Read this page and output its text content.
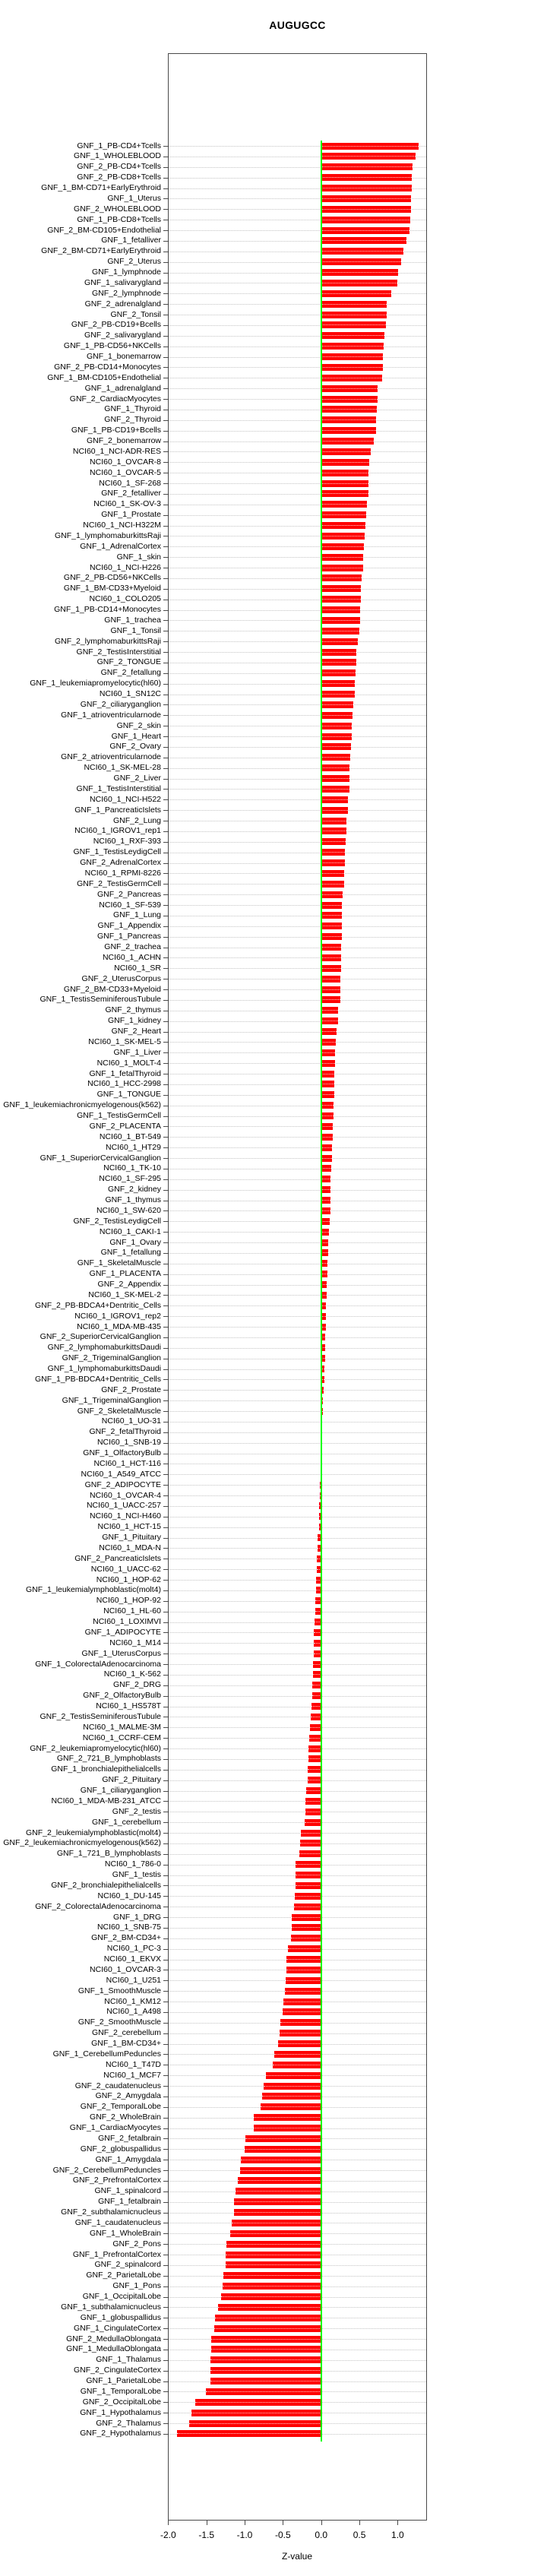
AUGUGCC
GNF_1_PB-CD4+Tcells
GNF_1_WHOLEBLOOD
GNF_2_PB-CD4+Tcells
GNF_2_PB-CD8+Tcells
GNF_1_BM-CD71+EarlyErythroid
GNF_1_Uterus
GNF_2_WHOLEBLOOD
GNF_1_PB-CD8+Tcells
GNF_2_BM-CD105+Endothelial
GNF_1_fetalliver
GNF_2_BM-CD71+EarlyErythroid
GNF_2_Uterus
GNF_1_lymphnode
GNF_1_salivarygland
GNF_2_lymphnode
GNF_2_adrenalgland
GNF_2_Tonsil
GNF_2_PB-CD19+Bcells
GNF_2_salivarygland
GNF_1_PB-CD56+NKCells
GNF_1_bonemarrow
GNF_2_PB-CD14+Monocytes
GNF_1_BM-CD105+Endothelial
GNF_1_adrenalgland
GNF_2_CardiacMyocytes
GNF_1_Thyroid
GNF_2_Thyroid
GNF_1_PB-CD19+Bcells
GNF_2_bonemarrow
NCI60_1_NCI-ADR-RES
NCI60_1_OVCAR-8
NCI60_1_OVCAR-5
NCI60_1_SF-268
GNF_2_fetalliver
NCI60_1_SK-OV-3
GNF_1_Prostate
NCI60_1_NCI-H322M
GNF_1_lymphomaburkittsRaji
GNF_1_AdrenalCortex
GNF_1_skin
NCI60_1_NCI-H226
GNF_2_PB-CD56+NKCells
GNF_1_BM-CD33+Myeloid
NCI60_1_COLO205
GNF_1_PB-CD14+Monocytes
GNF_1_trachea
GNF_1_Tonsil
GNF_2_lymphomaburkittsRaji
GNF_2_TestisInterstitial
GNF_2_TONGUE
GNF_2_fetallung
GNF_1_leukemiapromyelocytic(hl60)
NCI60_1_SN12C
GNF_2_ciliaryganglion
GNF_1_atrioventricularnode
GNF_2_skin
GNF_1_Heart
GNF_2_Ovary
GNF_2_atrioventricularnode
NCI60_1_SK-MEL-28
GNF_2_Liver
GNF_1_TestisInterstitial
NCI60_1_NCI-H522
GNF_1_PancreaticIslets
GNF_2_Lung
NCI60_1_IGROV1_rep1
NCI60_1_RXF-393
GNF_1_TestisLeydigCell
GNF_2_AdrenalCortex
NCI60_1_RPMI-8226
GNF_2_TestisGermCell
GNF_2_Pancreas
NCI60_1_SF-539
GNF_1_Lung
GNF_1_Appendix
GNF_1_Pancreas
GNF_2_trachea
NCI60_1_ACHN
NCI60_1_SR
GNF_2_UterusCorpus
GNF_2_BM-CD33+Myeloid
GNF_1_TestisSeminiferousTubule
GNF_2_thymus
GNF_1_kidney
GNF_2_Heart
NCI60_1_SK-MEL-5
GNF_1_Liver
NCI60_1_MOLT-4
GNF_1_fetalThyroid
NCI60_1_HCC-2998
GNF_1_TONGUE
GNF_1_leukemiachronicmyelogenous(k562)
GNF_1_TestisGermCell
GNF_2_PLACENTA
NCI60_1_BT-549
NCI60_1_HT29
GNF_1_SuperiorCervicalGanglion
NCI60_1_TK-10
NCI60_1_SF-295
GNF_2_kidney
GNF_1_thymus
NCI60_1_SW-620
GNF_2_TestisLeydigCell
NCI60_1_CAKI-1
GNF_1_Ovary
GNF_1_fetallung
GNF_1_SkeletalMuscle
GNF_1_PLACENTA
GNF_2_Appendix
NCI60_1_SK-MEL-2
GNF_2_PB-BDCA4+Dentritic_Cells
NCI60_1_IGROV1_rep2
NCI60_1_MDA-MB-435
GNF_2_SuperiorCervicalGanglion
GNF_2_lymphomaburkittsDaudi
GNF_2_TrigeminalGanglion
GNF_1_lymphomaburkittsDaudi
GNF_1_PB-BDCA4+Dentritic_Cells
GNF_2_Prostate
GNF_1_TrigeminalGanglion
GNF_2_SkeletalMuscle
NCI60_1_UO-31
GNF_2_fetalThyroid
NCI60_1_SNB-19
GNF_1_OlfactoryBulb
NCI60_1_HCT-116
NCI60_1_A549_ATCC
GNF_2_ADIPOCYTE
NCI60_1_OVCAR-4
NCI60_1_UACC-257
NCI60_1_NCI-H460
NCI60_1_HCT-15
GNF_1_Pituitary
NCI60_1_MDA-N
GNF_2_PancreaticIslets
NCI60_1_UACC-62
NCI60_1_HOP-62
GNF_1_leukemialymphoblastic(molt4)
NCI60_1_HOP-92
NCI60_1_HL-60
NCI60_1_LOXIMVI
GNF_1_ADIPOCYTE
NCI60_1_M14
GNF_1_UterusCorpus
GNF_1_ColorectalAdenocarcinoma
NCI60_1_K-562
GNF_2_DRG
GNF_2_OlfactoryBulb
NCI60_1_HS578T
GNF_2_TestisSeminiferousTubule
NCI60_1_MALME-3M
NCI60_1_CCRF-CEM
GNF_2_leukemiapromyelocytic(hl60)
GNF_2_721_B_lymphoblasts
GNF_1_bronchialepithelialcells
GNF_2_Pituitary
GNF_1_ciliaryganglion
NCI60_1_MDA-MB-231_ATCC
GNF_2_testis
GNF_1_cerebellum
GNF_2_leukemialymphoblastic(molt4)
GNF_2_leukemiachronicmyelogenous(k562)
GNF_1_721_B_lymphoblasts
NCI60_1_786-0
GNF_1_testis
GNF_2_bronchialepithelialcells
NCI60_1_DU-145
GNF_2_ColorectalAdenocarcinoma
GNF_1_DRG
NCI60_1_SNB-75
GNF_2_BM-CD34+
NCI60_1_PC-3
NCI60_1_EKVX
NCI60_1_OVCAR-3
NCI60_1_U251
GNF_1_SmoothMuscle
NCI60_1_KM12
NCI60_1_A498
GNF_2_SmoothMuscle
GNF_2_cerebellum
GNF_1_BM-CD34+
GNF_1_CerebellumPeduncles
NCI60_1_T47D
NCI60_1_MCF7
GNF_2_caudatenucleus
GNF_2_Amygdala
GNF_2_TemporalLobe
GNF_2_WholeBrain
GNF_1_CardiacMyocytes
GNF_2_fetalbrain
GNF_2_globuspallidus
GNF_1_Amygdala
GNF_2_CerebellumPeduncles
GNF_2_PrefrontalCortex
GNF_1_spinalcord
GNF_1_fetalbrain
GNF_2_subthalamicnucleus
GNF_1_caudatenucleus
GNF_1_WholeBrain
GNF_2_Pons
GNF_1_PrefrontalCortex
GNF_2_spinalcord
GNF_2_ParietalLobe
GNF_1_Pons
GNF_1_OccipitalLobe
GNF_1_subthalamicnucleus
GNF_1_globuspallidus
GNF_1_CingulateCortex
GNF_2_MedullaOblongata
GNF_1_MedullaOblongata
GNF_1_Thalamus
GNF_2_CingulateCortex
GNF_1_ParietalLobe
GNF_1_TemporalLobe
GNF_2_OccipitalLobe
GNF_1_Hypothalamus
GNF_2_Thalamus
GNF_2_Hypothalamus
-2.0	-1.5	-1.0	-0.5	0.0	0.5	1.0
Z-value
